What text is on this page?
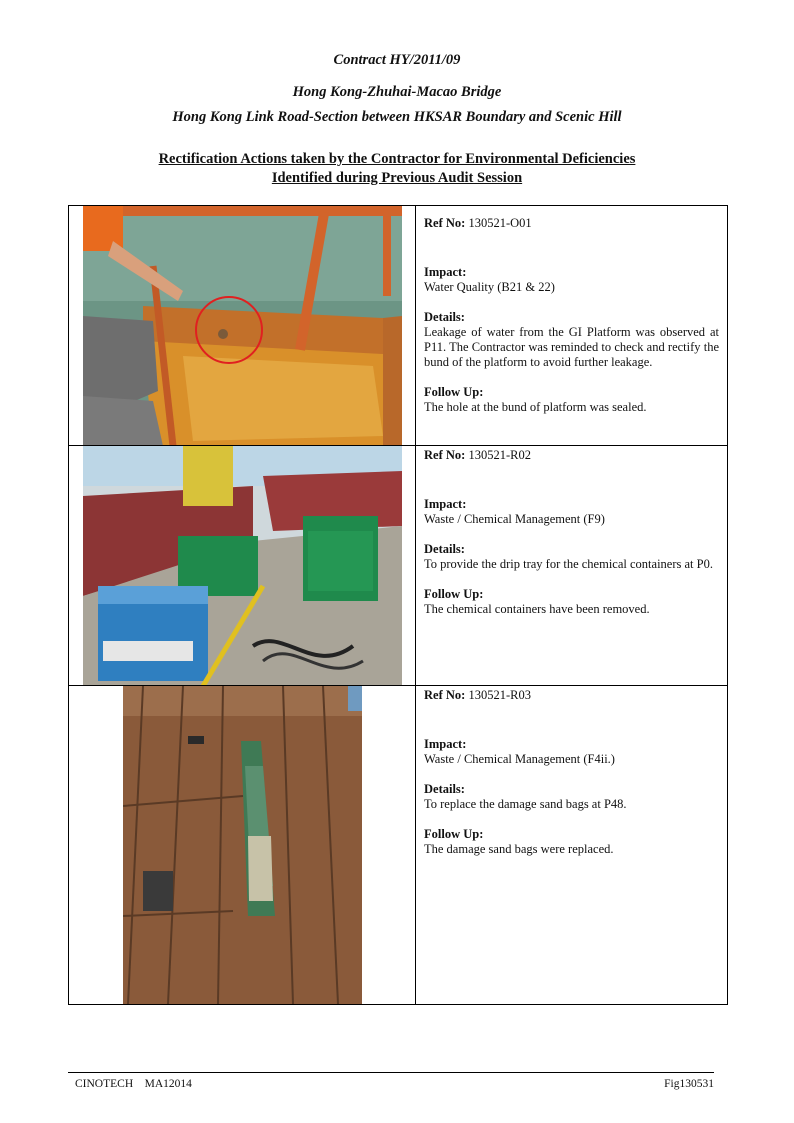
Contract HY/2011/09
Hong Kong-Zhuhai-Macao Bridge
Hong Kong Link Road-Section between HKSAR Boundary and Scenic Hill
Rectification Actions taken by the Contractor for Environmental Deficiencies
Identified during Previous Audit Session

Ref No: 130521-O01

Impact:

Water Quality (B21 & 22)

Details:

Leakage of water from the GI Platform was observed at P11. The Contractor was reminded to check and rectify the bund of the platform to avoid further leakage.

Follow Up:

The hole at the bund of platform was sealed.

Ref No: 130521-R02

Impact:

Waste / Chemical Management (F9)

Details:

To provide the drip tray for the chemical containers at P0.

Follow Up:

The chemical containers have been removed.

Ref No: 130521-R03

Impact:

Waste / Chemical Management (F4ii.)

Details:

To replace the damage sand bags at P48.

Follow Up:

The damage sand bags were replaced.

CINOTECH    MA12014	Fig130531
